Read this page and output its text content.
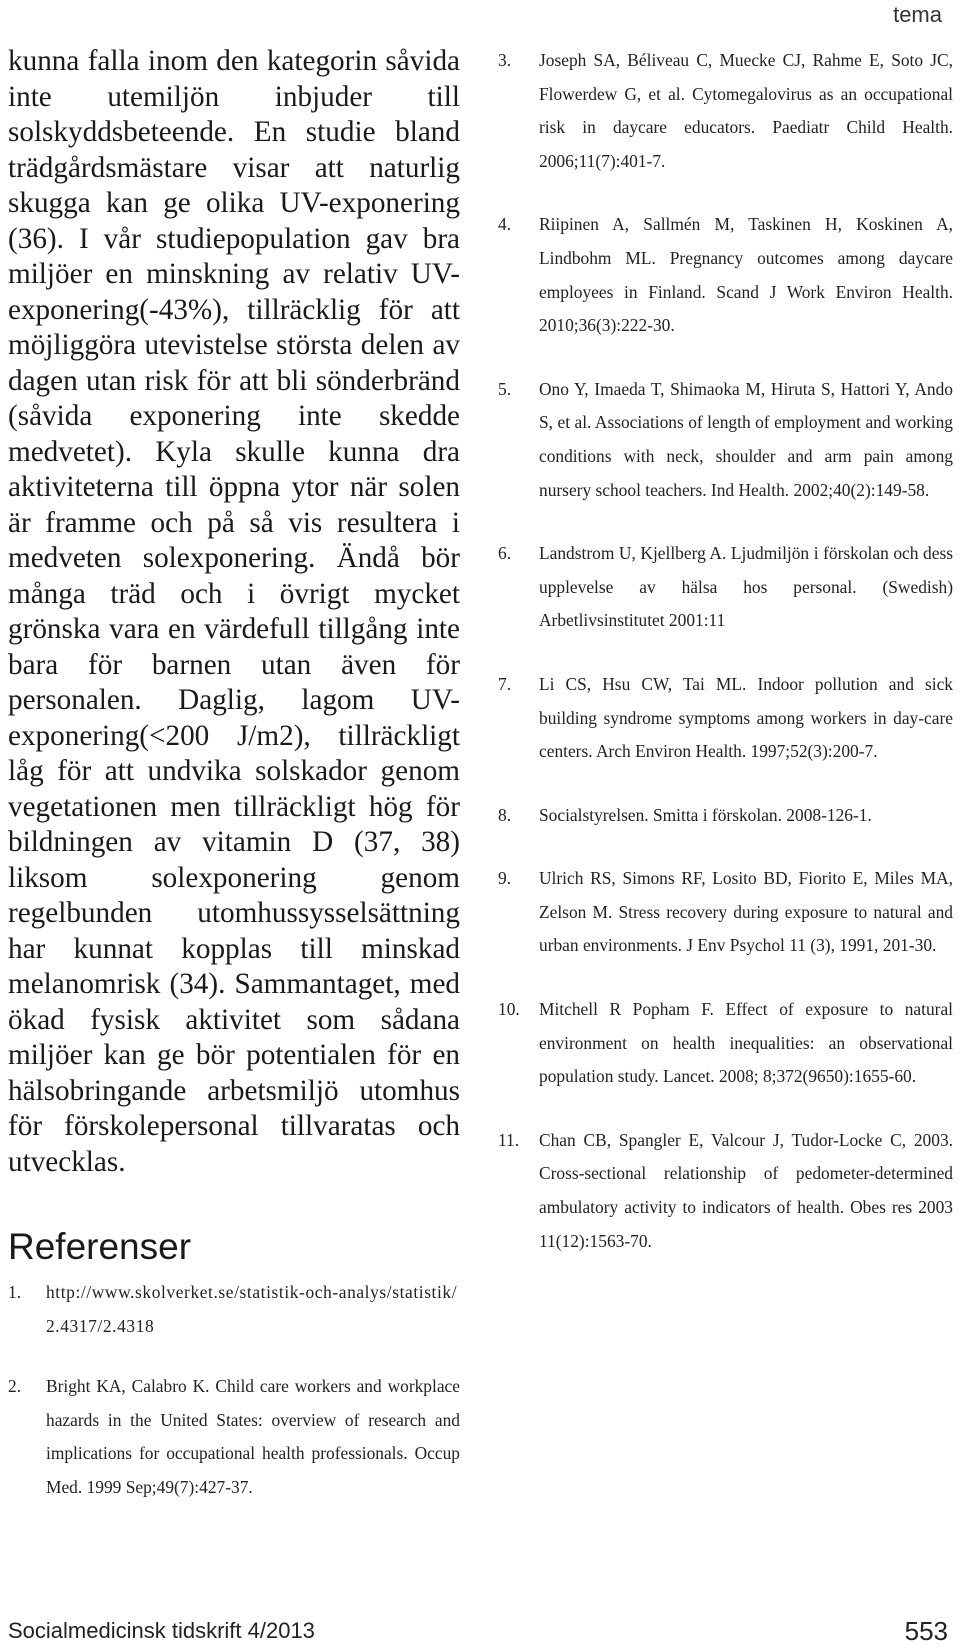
tema

kunna falla inom den kategorin såvida inte utemiljön inbjuder till solskyddsbeteende. En studie bland trädgårdsmästare visar att naturlig skugga kan ge olika UV-exponering (36). I vår studiepopulation gav bra miljöer en minskning av relativ UV-exponering(-43%), tillräcklig för att möjliggöra utevistelse största delen av dagen utan risk för att bli sönderbränd (såvida exponering inte skedde medvetet). Kyla skulle kunna dra aktiviteterna till öppna ytor när solen är framme och på så vis resultera i medveten solexponering. Ändå bör många träd och i övrigt mycket grönska vara en värdefull tillgång inte bara för barnen utan även för personalen. Daglig, lagom UV-exponering(<200 J/m2), tillräckligt låg för att undvika solskador genom vegetationen men tillräckligt hög för bildningen av vitamin D (37, 38) liksom solexponering genom regelbunden utomhussysselsättning har kunnat kopplas till minskad melanomrisk (34). Sammantaget, med ökad fysisk aktivitet som sådana miljöer kan ge bör potentialen för en hälsobringande arbetsmiljö utomhus för förskolepersonal tillvaratas och utvecklas.

Referenser
1. http://www.skolverket.se/statistik-och-analys/statistik/2.4317/2.4318
2. Bright KA, Calabro K. Child care workers and workplace hazards in the United States: overview of research and implications for occupational health professionals. Occup Med. 1999 Sep;49(7):427-37.
3. Joseph SA, Béliveau C, Muecke CJ, Rahme E, Soto JC, Flowerdew G, et al. Cytomegalovirus as an occupational risk in daycare educators. Paediatr Child Health. 2006;11(7):401-7.
4. Riipinen A, Sallmén M, Taskinen H, Koskinen A, Lindbohm ML. Pregnancy outcomes among daycare employees in Finland. Scand J Work Environ Health. 2010;36(3):222-30.
5. Ono Y, Imaeda T, Shimaoka M, Hiruta S, Hattori Y, Ando S, et al. Associations of length of employment and working conditions with neck, shoulder and arm pain among nursery school teachers. Ind Health. 2002;40(2):149-58.
6. Landstrom U, Kjellberg A. Ljudmiljön i förskolan och dess upplevelse av hälsa hos personal. (Swedish) Arbetlivsinstitutet 2001:11
7. Li CS, Hsu CW, Tai ML. Indoor pollution and sick building syndrome symptoms among workers in day-care centers. Arch Environ Health. 1997;52(3):200-7.
8. Socialstyrelsen. Smitta i förskolan. 2008-126-1.
9. Ulrich RS, Simons RF, Losito BD, Fiorito E, Miles MA, Zelson M. Stress recovery during exposure to natural and urban environments. J Env Psychol 11 (3), 1991, 201-30.
10. Mitchell R Popham F. Effect of exposure to natural environment on health inequalities: an observational population study. Lancet. 2008; 8;372(9650):1655-60.
11. Chan CB, Spangler E, Valcour J, Tudor-Locke C, 2003. Cross-sectional relationship of pedometer-determined ambulatory activity to indicators of health. Obes res 2003 11(12):1563-70.
Socialmedicinsk tidskrift 4/2013	553
